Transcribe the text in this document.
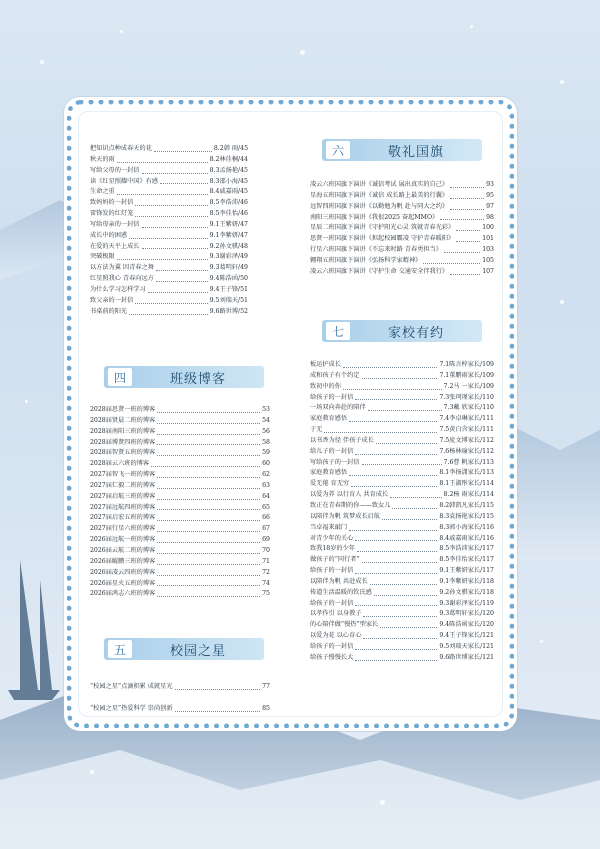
把知识点种成春天的花	8.2韩 雨/45
秋天的雨	8.2林佳桐/44
写给父母的一封信	8.3孟扬艳/45
读《红星照耀中国》有感	8.3邵小海/45
生命之重	8.4戚嘉雨/45
致妈妈的一封信	8.5李浩沛/46
雷锋发的红灯笼	8.5李佳怡/46
写给母亲的一封信	9.1王紫妍/47
成长中的困惑	9.1李紫妍/47
在爱的天平上成长	9.2孙文骐/48
突破极限	9.3谢彩泽/49
以方法为翼 因青春之舞	9.3葛明轩/49
红星照我心 青春向远方	9.4陈浩函/50
为什么学习怎样学习	9.4王子锋/51
致父亲的一封信	9.5刘瑞天/51
书桌前的阳光	9.6路世博/52
四	班级博客
2028届思贤一班的博客	53
2028届贤晨二班的博客	54
2028届南阳三班的博客	56
2028届博贤四班的博客	58
2028届智贤五班的博客	59
2028届云六班的博客	60
2027届智飞一班的博客	62
2027届仁毅二班的博客	63
2027届启航三班的博客	64
2027届远航四班的博客	65
2027届启宏五班的博客	66
2027届行星六班的博客	67
2026届远航一班的博客	69
2026届云航二班的博客	70
2026届鲲鹏三班的博客	71
2026届凌云四班的博客	72
2026届星火五班的博客	74
2026届鸿志六班的博客	75
五	校园之星
“校园之星”点滴积累 成就星光	77
“校园之星”热爱科学 崇尚创新	85
六	敬礼国旗
凌云六班国旗下演讲《诚信考试 展出真实的自己》	93
星海五班国旗下演讲《诚信 成长路上最美的行囊》	95
远智四班国旗下演讲《以勤勉为帆 赴与同大之约》	97
南阳三班国旗下演讲《我很2025 奋起MMO》	98
星辰二班国旗下演讲《守护阳光心灵 筑就青春光彩》	100
思贤一班国旗下演讲《担起校园霸凌 守护青春暖阳》	101
行星六班国旗下演讲《不忘来时路 青春勇担当》	103
翱翔五班国旗下演讲《弘扬科学家精神》	105
凌云六班国旗下演讲《守护生命 交通安全伴我行》	107
七	家校有约
板运护成长	7.1陈言梓家长/109
成和孩子有个约定	7.1董鹏雨家长/109
致初中的你	7.2马 一家长/109
给孩子的一封信	7.3张珂瑾家长/110
一场双向奔赴的陪伴	7.3戴 欣家长/110
家庭教育感悟	7.4李卓琳家长/111
于无	7.5黄白含家长/111
以书香为径 伴孩子成长	7.5庞文博家长/112
给儿子的一封信	7.6杨林瑜家长/112
写给孩子的一封信	7.6曹 帆家长/113
家庭教育感悟	8.1李扬潇家长/113
爱无倦 育无穷	8.1王淑彤家长/114
以爱为养 以行育人 共育成长	8.2杨 雨家长/114
致正在青春期的你——致女儿	8.2韩凯凡家长/115
以陪伴为帆 筑梦成长启航	8.3袁扬艳家长/115
当卓福来敲门	8.3郭小海家长/116
对青少年的关心	8.4戚嘉雨家长/116
致我18岁的少年	8.5李浩沛家长/117
做孩子的“同行者”	8.5李佳怡家长/117
给孩子的一封信	9.1王紫妍家长/117
以陪伴为帆 共赴成长	9.1李紫妍家长/118
传道生活温暖的钦氏感	9.2孙文骐家长/118
给孩子的一封信	9.3谢彩泽家长/119
以孝作引 以身教子	9.3葛明轩家长/120
的心陪伴做“慢热”型家长	9.4陈浩函家长/120
以爱为花 以心育心	9.4王子锋家长/121
给孩子的一封信	9.5刘瑞天家长/121
给孩子慢慢长大	9.6路世博家长/121
